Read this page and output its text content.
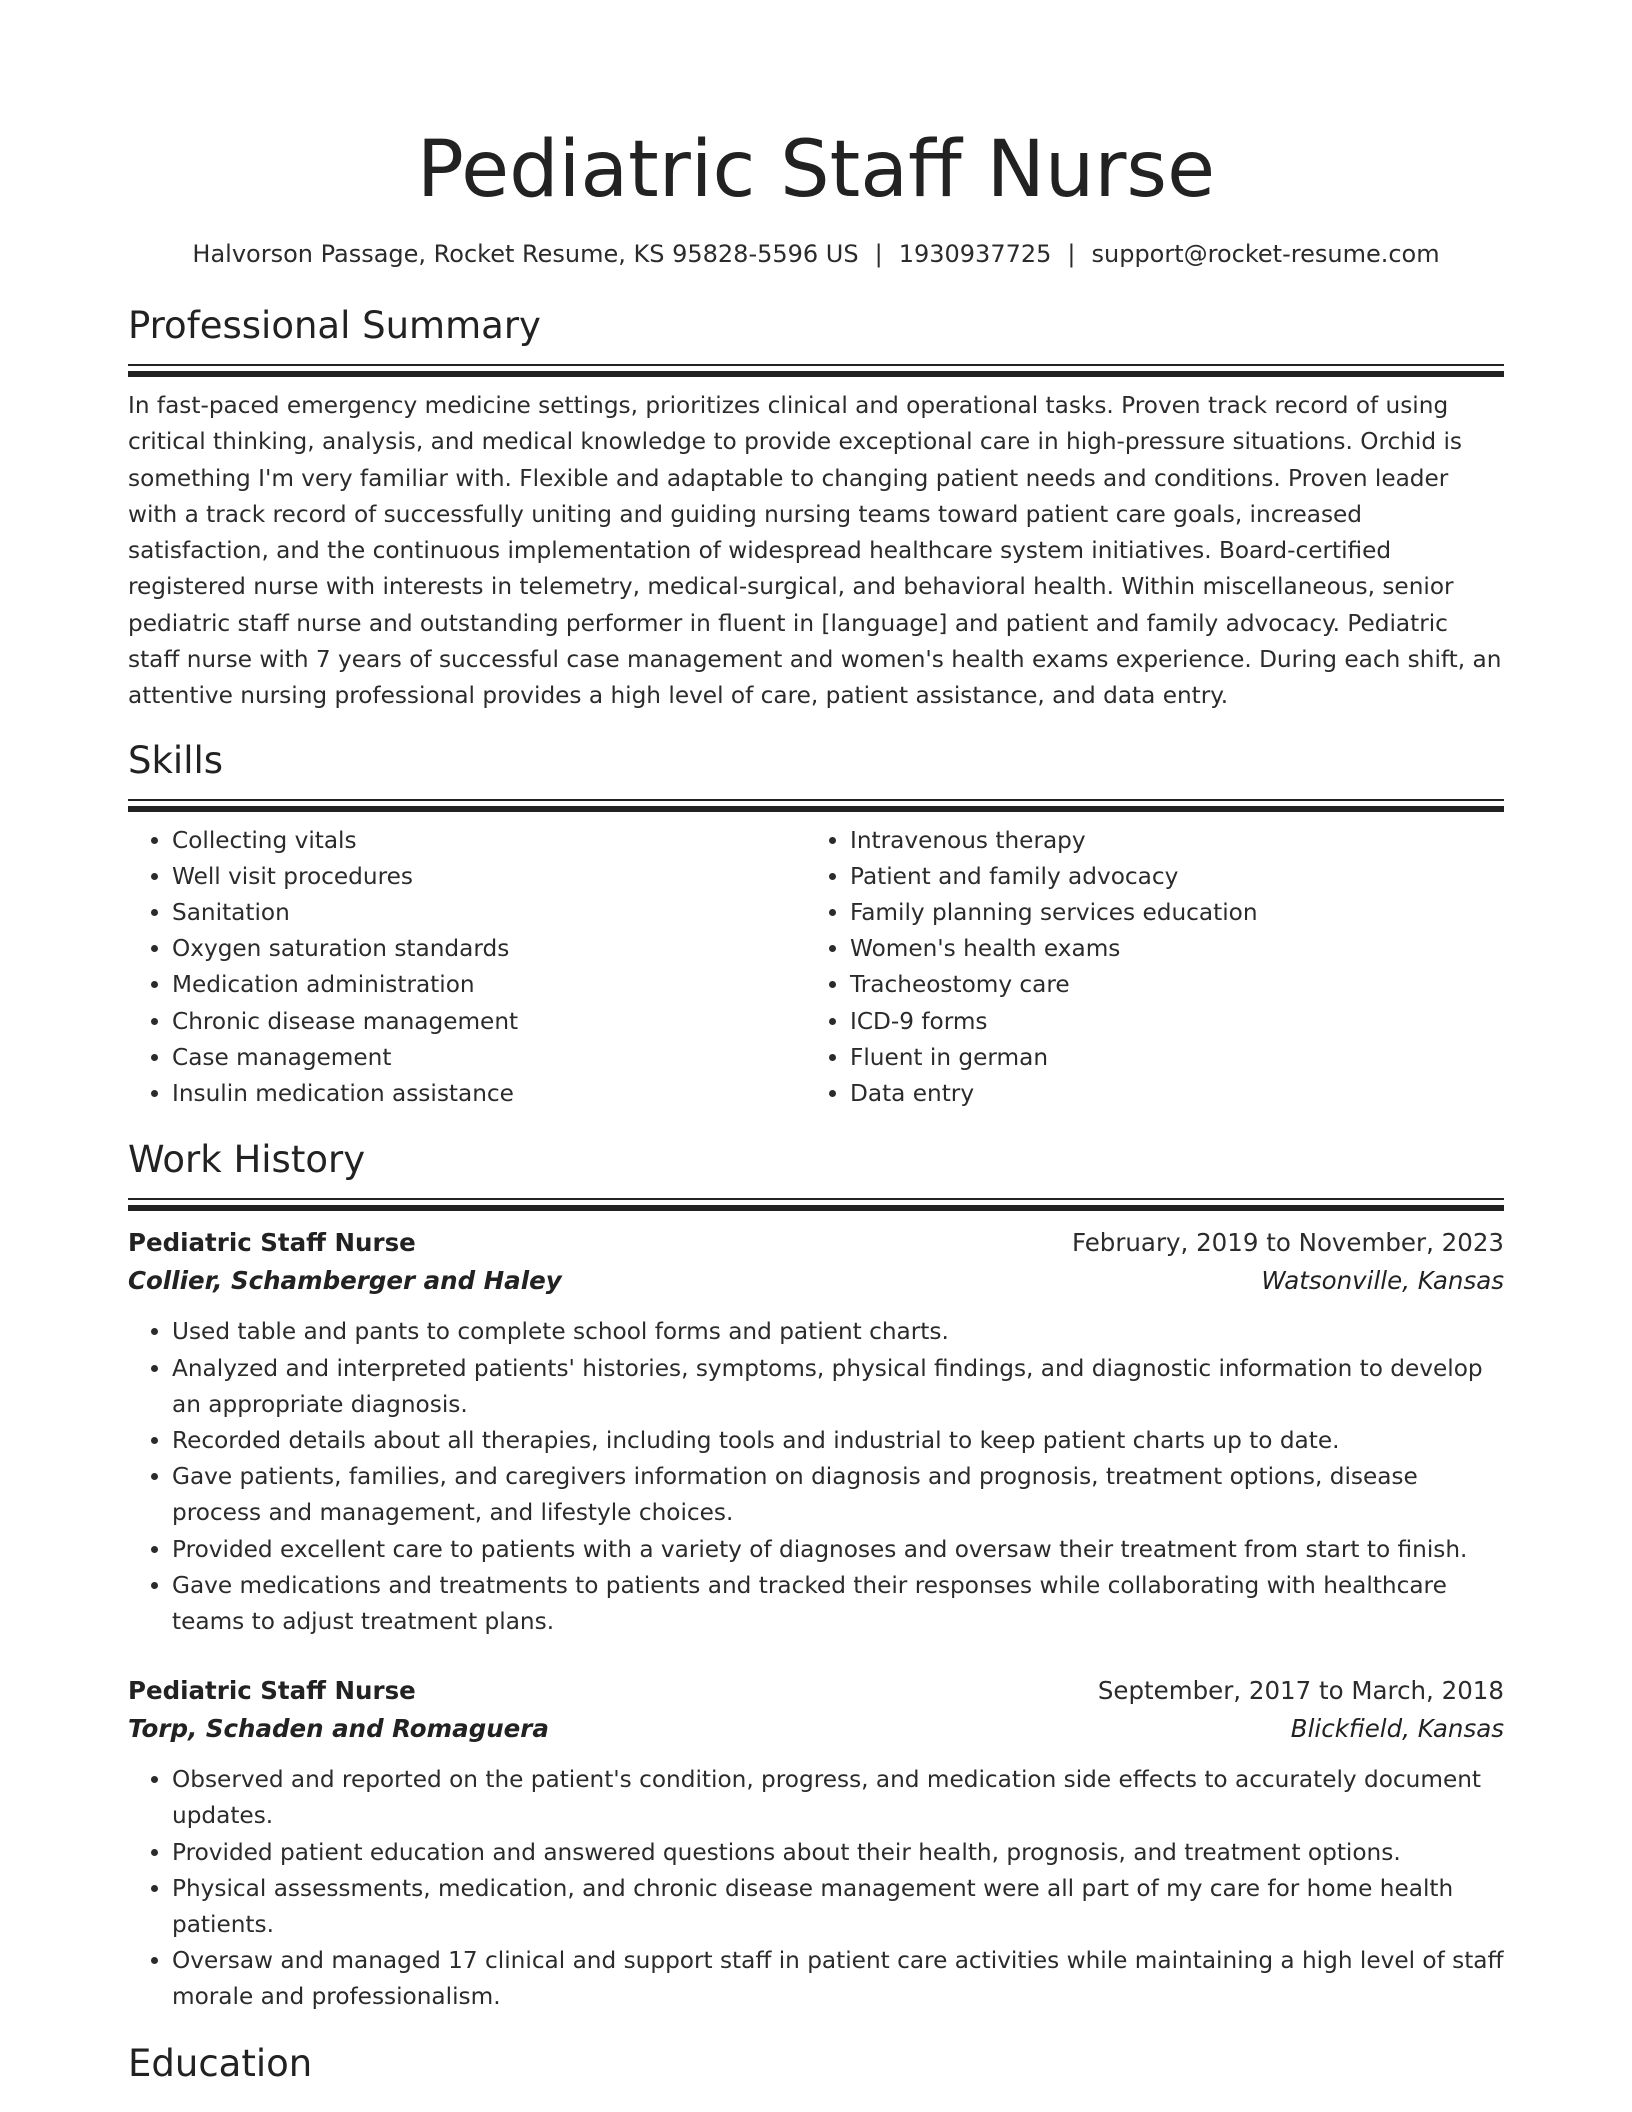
Pediatric Staff Nurse
Halvorson Passage, Rocket Resume, KS 95828-5596 US | 1930937725 | support@rocket-resume.com
Professional Summary

In fast-paced emergency medicine settings, prioritizes clinical and operational tasks. Proven track record of using critical thinking, analysis, and medical knowledge to provide exceptional care in high-pressure situations. Orchid is something I'm very familiar with. Flexible and adaptable to changing patient needs and conditions. Proven leader with a track record of successfully uniting and guiding nursing teams toward patient care goals, increased satisfaction, and the continuous implementation of widespread healthcare system initiatives. Board-certified registered nurse with interests in telemetry, medical-surgical, and behavioral health. Within miscellaneous, senior pediatric staff nurse and outstanding performer in fluent in [language] and patient and family advocacy. Pediatric staff nurse with 7 years of successful case management and women's health exams experience. During each shift, an attentive nursing professional provides a high level of care, patient assistance, and data entry.

Skills
• Collecting vitals
• Well visit procedures
• Sanitation
• Oxygen saturation standards
• Medication administration
• Chronic disease management
• Case management
• Insulin medication assistance
• Intravenous therapy
• Patient and family advocacy
• Family planning services education
• Women's health exams
• Tracheostomy care
• ICD-9 forms
• Fluent in german
• Data entry
Work History
Pediatric Staff Nurse	February, 2019 to November, 2023
Collier, Schamberger and Haley	Watsonville, Kansas
• Used table and pants to complete school forms and patient charts.
• Analyzed and interpreted patients' histories, symptoms, physical findings, and diagnostic information to develop an appropriate diagnosis.
• Recorded details about all therapies, including tools and industrial to keep patient charts up to date.
• Gave patients, families, and caregivers information on diagnosis and prognosis, treatment options, disease process and management, and lifestyle choices.
• Provided excellent care to patients with a variety of diagnoses and oversaw their treatment from start to finish.
• Gave medications and treatments to patients and tracked their responses while collaborating with healthcare teams to adjust treatment plans.
Pediatric Staff Nurse	September, 2017 to March, 2018
Torp, Schaden and Romaguera	Blickfield, Kansas
• Observed and reported on the patient's condition, progress, and medication side effects to accurately document updates.
• Provided patient education and answered questions about their health, prognosis, and treatment options.
• Physical assessments, medication, and chronic disease management were all part of my care for home health patients.
• Oversaw and managed 17 clinical and support staff in patient care activities while maintaining a high level of staff morale and professionalism.
Education
